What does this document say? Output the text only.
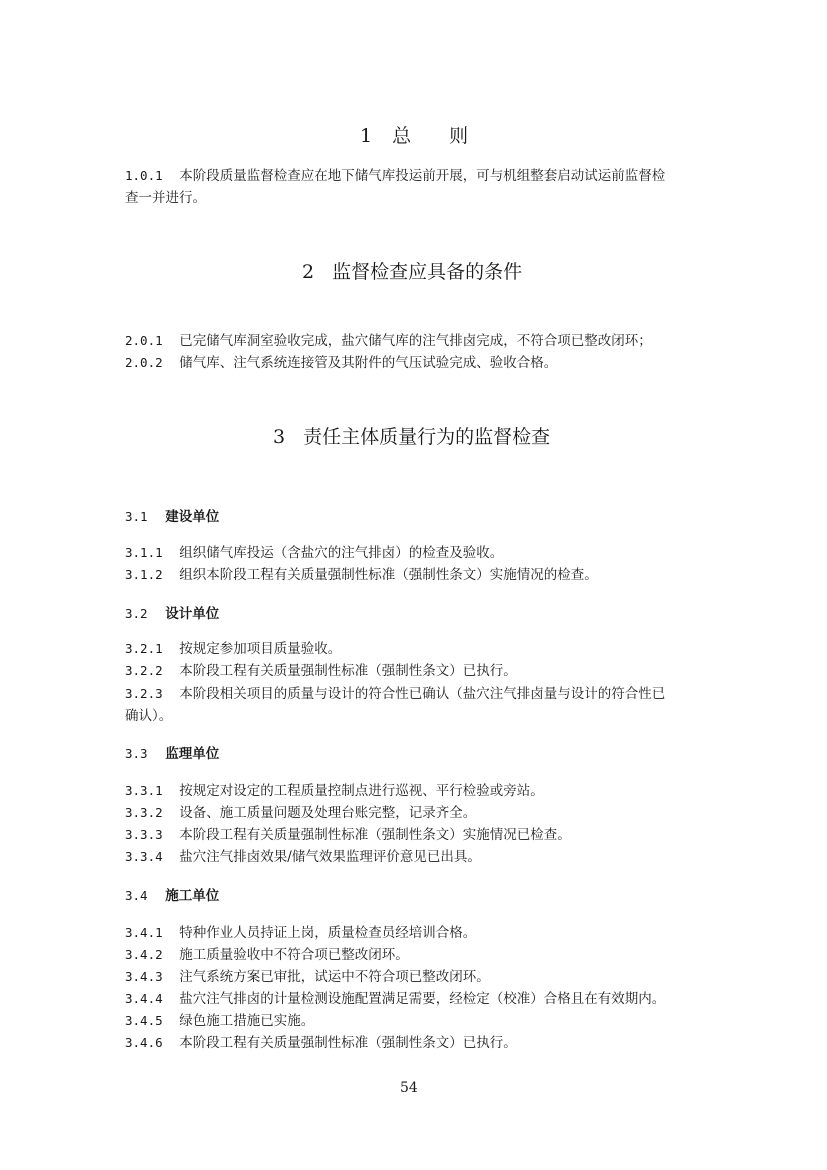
1 总　　则
1.0.1 本阶段质量监督检查应在地下储气库投运前开展，可与机组整套启动试运前监督检
查一并进行。
2 监督检查应具备的条件
2.0.1 已完储气库洞室验收完成，盐穴储气库的注气排卤完成，不符合项已整改闭环；
2.0.2 储气库、注气系统连接管及其附件的气压试验完成、验收合格。
3 责任主体质量行为的监督检查
3.1 建设单位
3.1.1 组织储气库投运（含盐穴的注气排卤）的检查及验收。
3.1.2 组织本阶段工程有关质量强制性标准（强制性条文）实施情况的检查。
3.2 设计单位
3.2.1 按规定参加项目质量验收。
3.2.2 本阶段工程有关质量强制性标准（强制性条文）已执行。
3.2.3 本阶段相关项目的质量与设计的符合性已确认（盐穴注气排卤量与设计的符合性已
确认）。
3.3 监理单位
3.3.1 按规定对设定的工程质量控制点进行巡视、平行检验或旁站。
3.3.2 设备、施工质量问题及处理台账完整，记录齐全。
3.3.3 本阶段工程有关质量强制性标准（强制性条文）实施情况已检查。
3.3.4 盐穴注气排卤效果/储气效果监理评价意见已出具。
3.4 施工单位
3.4.1 特种作业人员持证上岗，质量检查员经培训合格。
3.4.2 施工质量验收中不符合项已整改闭环。
3.4.3 注气系统方案已审批，试运中不符合项已整改闭环。
3.4.4 盐穴注气排卤的计量检测设施配置满足需要，经检定（校准）合格且在有效期内。
3.4.5 绿色施工措施已实施。
3.4.6 本阶段工程有关质量强制性标准（强制性条文）已执行。
54
